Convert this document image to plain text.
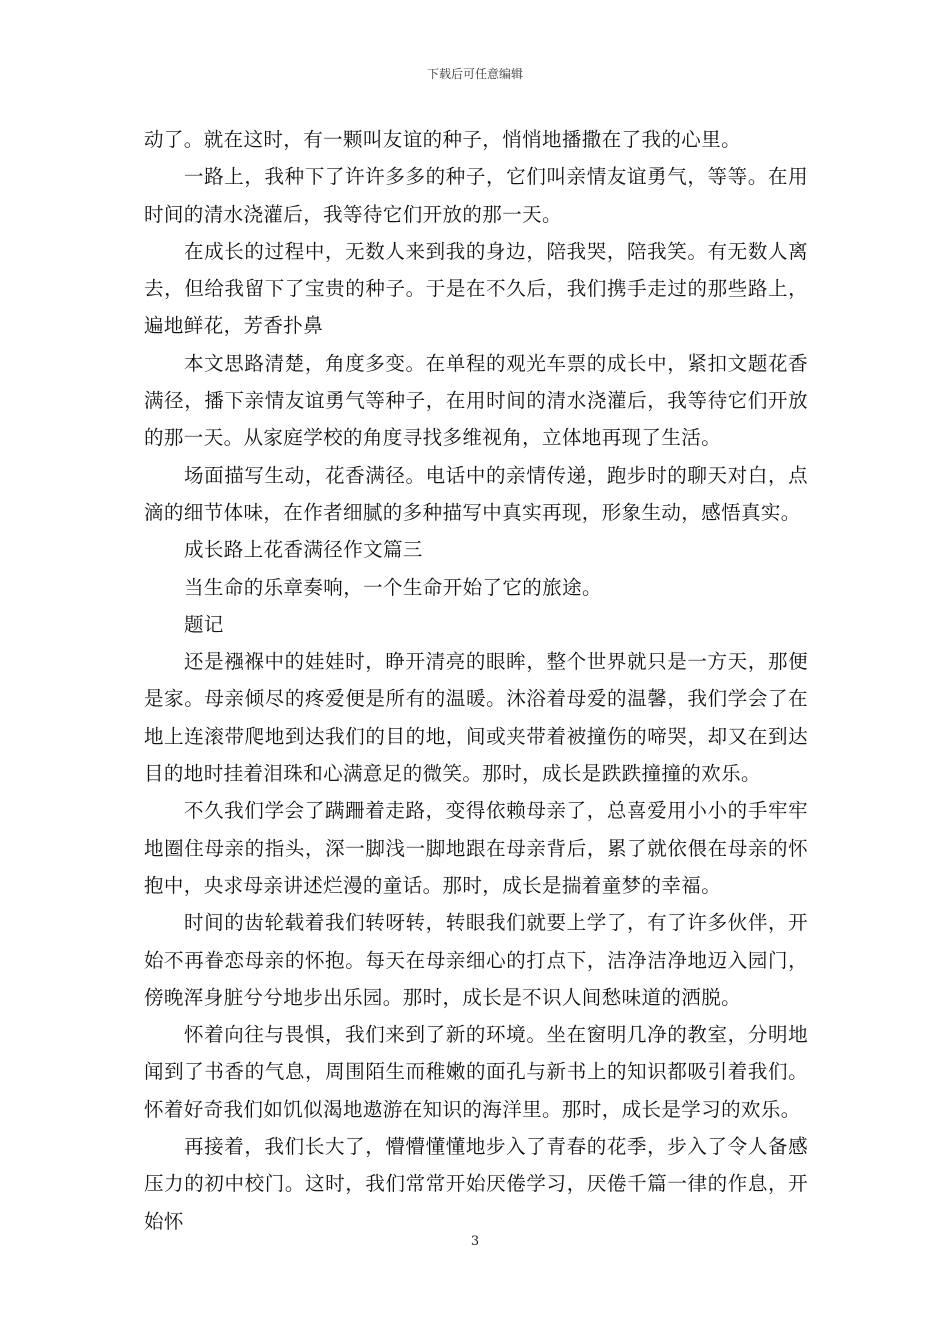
下载后可任意编辑

动了。就在这时，有一颗叫友谊的种子，悄悄地播撒在了我的心里。

一路上，我种下了许许多多的种子，它们叫亲情友谊勇气，等等。在用时间的清水浇灌后，我等待它们开放的那一天。

在成长的过程中，无数人来到我的身边，陪我哭，陪我笑。有无数人离去，但给我留下了宝贵的种子。于是在不久后，我们携手走过的那些路上，遍地鲜花，芳香扑鼻

本文思路清楚，角度多变。在单程的观光车票的成长中，紧扣文题花香满径，播下亲情友谊勇气等种子，在用时间的清水浇灌后，我等待它们开放的那一天。从家庭学校的角度寻找多维视角，立体地再现了生活。

场面描写生动，花香满径。电话中的亲情传递，跑步时的聊天对白，点滴的细节体味，在作者细腻的多种描写中真实再现，形象生动，感悟真实。

成长路上花香满径作文篇三

当生命的乐章奏响，一个生命开始了它的旅途。

题记

还是襁褓中的娃娃时，睁开清亮的眼眸，整个世界就只是一方天，那便是家。母亲倾尽的疼爱便是所有的温暖。沐浴着母爱的温馨，我们学会了在地上连滚带爬地到达我们的目的地，间或夹带着被撞伤的啼哭，却又在到达目的地时挂着泪珠和心满意足的微笑。那时，成长是跌跌撞撞的欢乐。

不久我们学会了蹒跚着走路，变得依赖母亲了，总喜爱用小小的手牢牢地圈住母亲的指头，深一脚浅一脚地跟在母亲背后，累了就依偎在母亲的怀抱中，央求母亲讲述烂漫的童话。那时，成长是揣着童梦的幸福。

时间的齿轮载着我们转呀转，转眼我们就要上学了，有了许多伙伴，开始不再眷恋母亲的怀抱。每天在母亲细心的打点下，洁净洁净地迈入园门，傍晚浑身脏兮兮地步出乐园。那时，成长是不识人间愁味道的洒脱。

怀着向往与畏惧，我们来到了新的环境。坐在窗明几净的教室，分明地闻到了书香的气息，周围陌生而稚嫩的面孔与新书上的知识都吸引着我们。怀着好奇我们如饥似渴地遨游在知识的海洋里。那时，成长是学习的欢乐。

再接着，我们长大了，懵懵懂懂地步入了青春的花季，步入了令人备感压力的初中校门。这时，我们常常开始厌倦学习，厌倦千篇一律的作息，开始怀

3
